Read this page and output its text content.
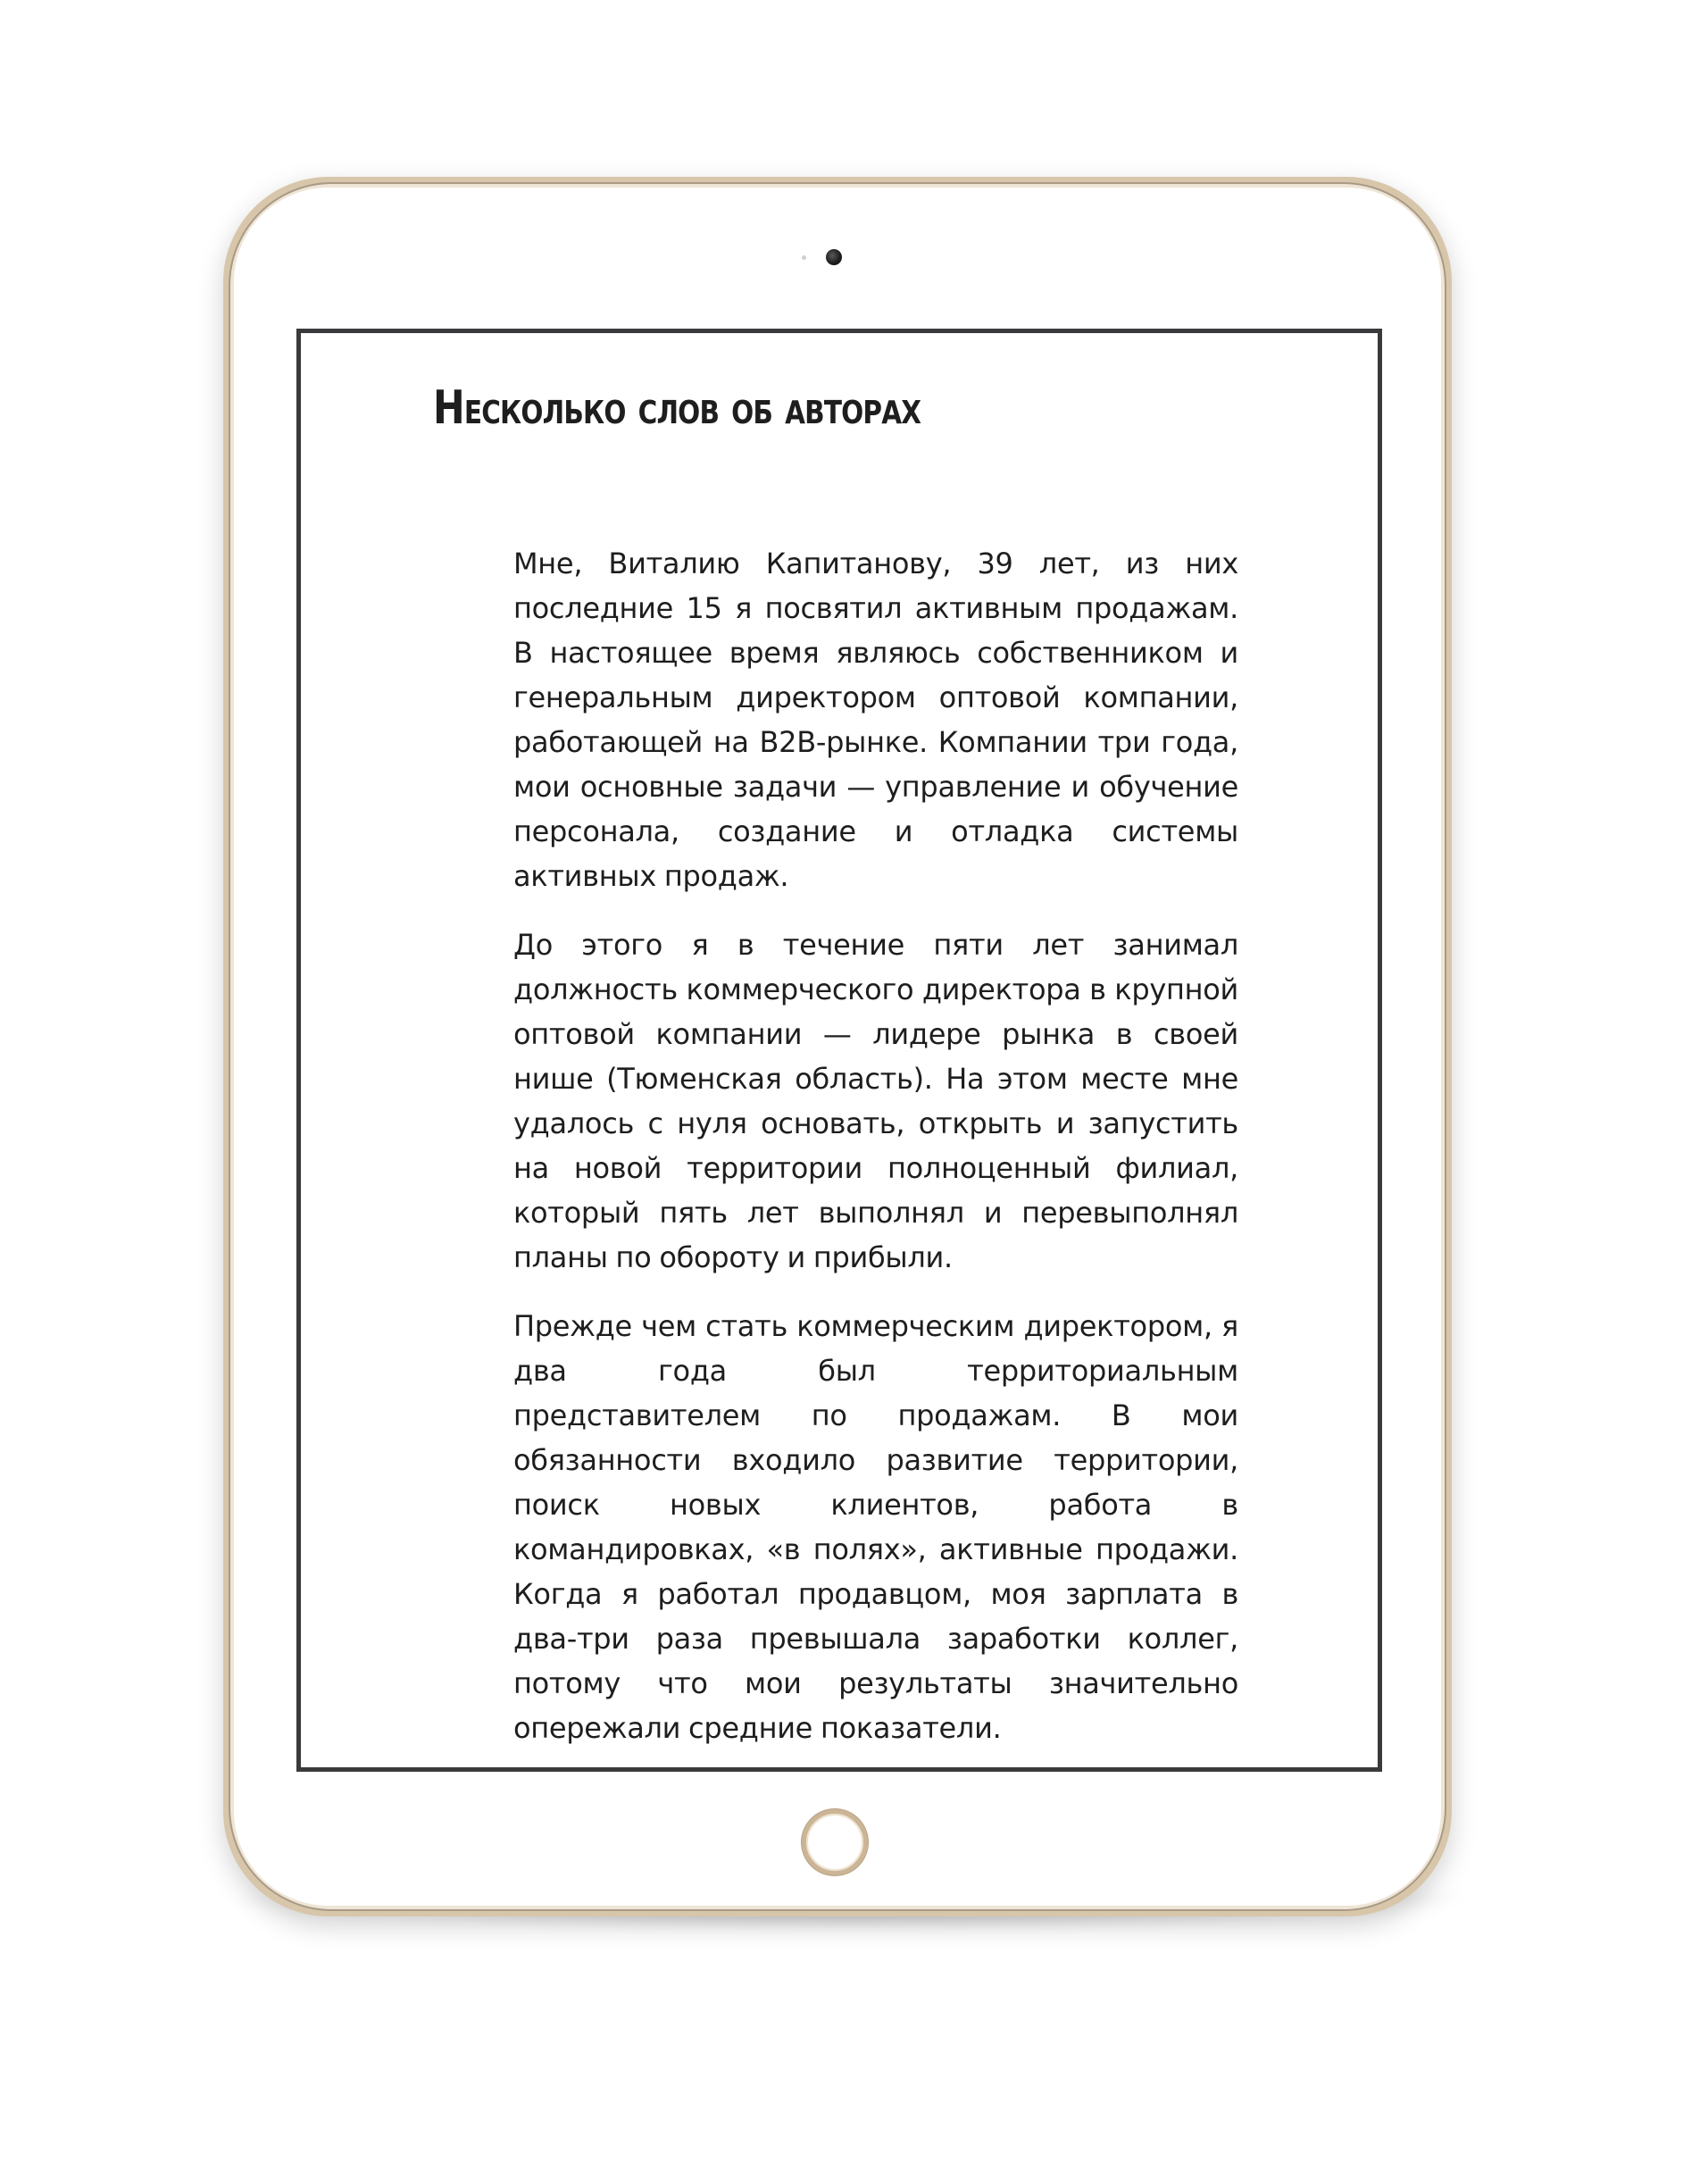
Несколько слов об авторах

Мне, Виталию Капитанову, 39 лет, из них последние 15 я посвятил активным продажам. В настоящее время являюсь собственником и генеральным директором оптовой компании, работающей на B2B-рынке. Компании три года, мои основные задачи — управление и обучение персонала, создание и отладка системы активных продаж.

До этого я в течение пяти лет занимал должность коммерческого директора в крупной оптовой компании — лидере рынка в своей нише (Тюменская область). На этом месте мне удалось с нуля основать, открыть и запустить на новой территории полноценный филиал, который пять лет выполнял и перевыполнял планы по обороту и прибыли.

Прежде чем стать коммерческим директором, я два года был территориальным представителем по продажам. В мои обязанности входило развитие территории, поиск новых клиентов, работа в командировках, «в полях», активные продажи. Когда я работал продавцом, моя зарплата в два-три раза превышала заработки коллег, потому что мои результаты значительно опережали средние показатели.
